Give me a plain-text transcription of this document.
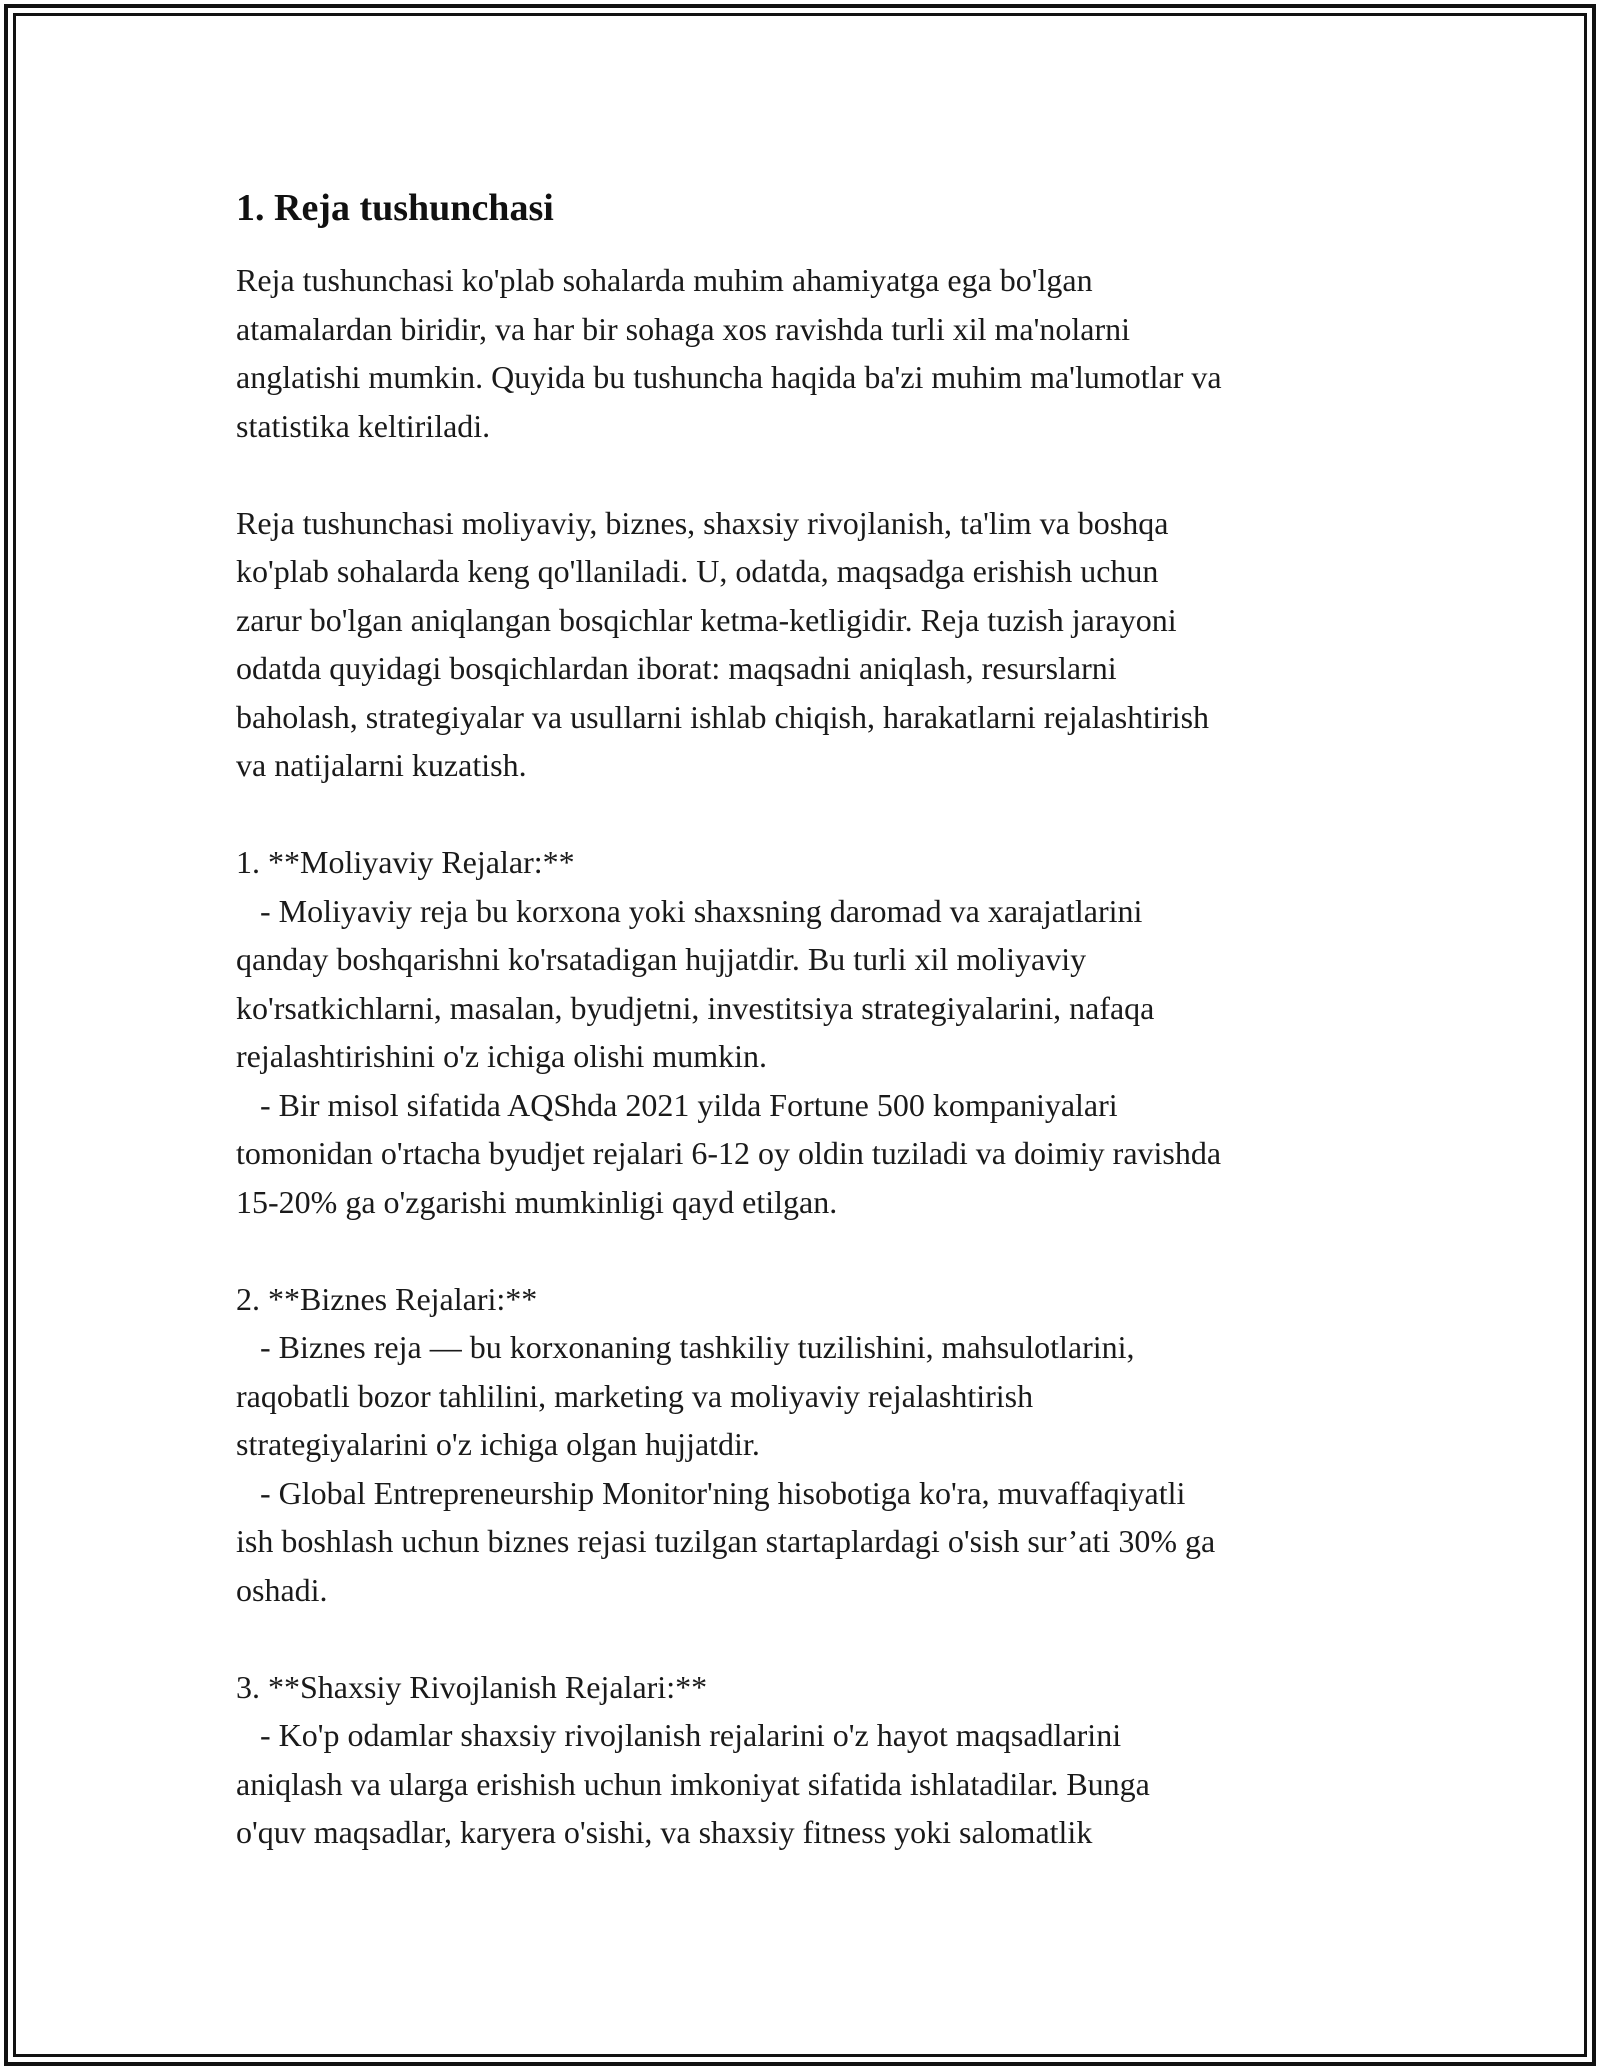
1. Reja tushunchasi

Reja tushunchasi ko'plab sohalarda muhim ahamiyatga ega bo'lgan
atamalardan biridir, va har bir sohaga xos ravishda turli xil ma'nolarni
anglatishi mumkin. Quyida bu tushuncha haqida ba'zi muhim ma'lumotlar va
statistika keltiriladi.

Reja tushunchasi moliyaviy, biznes, shaxsiy rivojlanish, ta'lim va boshqa
ko'plab sohalarda keng qo'llaniladi. U, odatda, maqsadga erishish uchun
zarur bo'lgan aniqlangan bosqichlar ketma-ketligidir. Reja tuzish jarayoni
odatda quyidagi bosqichlardan iborat: maqsadni aniqlash, resurslarni
baholash, strategiyalar va usullarni ishlab chiqish, harakatlarni rejalashtirish
va natijalarni kuzatish.

1. **Moliyaviy Rejalar:**
- Moliyaviy reja bu korxona yoki shaxsning daromad va xarajatlarini
qanday boshqarishni ko'rsatadigan hujjatdir. Bu turli xil moliyaviy
ko'rsatkichlarni, masalan, byudjetni, investitsiya strategiyalarini, nafaqa
rejalashtirishini o'z ichiga olishi mumkin.
- Bir misol sifatida AQShda 2021 yilda Fortune 500 kompaniyalari
tomonidan o'rtacha byudjet rejalari 6-12 oy oldin tuziladi va doimiy ravishda
15-20% ga o'zgarishi mumkinligi qayd etilgan.

2. **Biznes Rejalari:**
- Biznes reja — bu korxonaning tashkiliy tuzilishini, mahsulotlarini,
raqobatli bozor tahlilini, marketing va moliyaviy rejalashtirish
strategiyalarini o'z ichiga olgan hujjatdir.
- Global Entrepreneurship Monitor'ning hisobotiga ko'ra, muvaffaqiyatli
ish boshlash uchun biznes rejasi tuzilgan startaplardagi o'sish sur’ati 30% ga
oshadi.

3. **Shaxsiy Rivojlanish Rejalari:**
- Ko'p odamlar shaxsiy rivojlanish rejalarini o'z hayot maqsadlarini
aniqlash va ularga erishish uchun imkoniyat sifatida ishlatadilar. Bunga
o'quv maqsadlar, karyera o'sishi, va shaxsiy fitness yoki salomatlik
